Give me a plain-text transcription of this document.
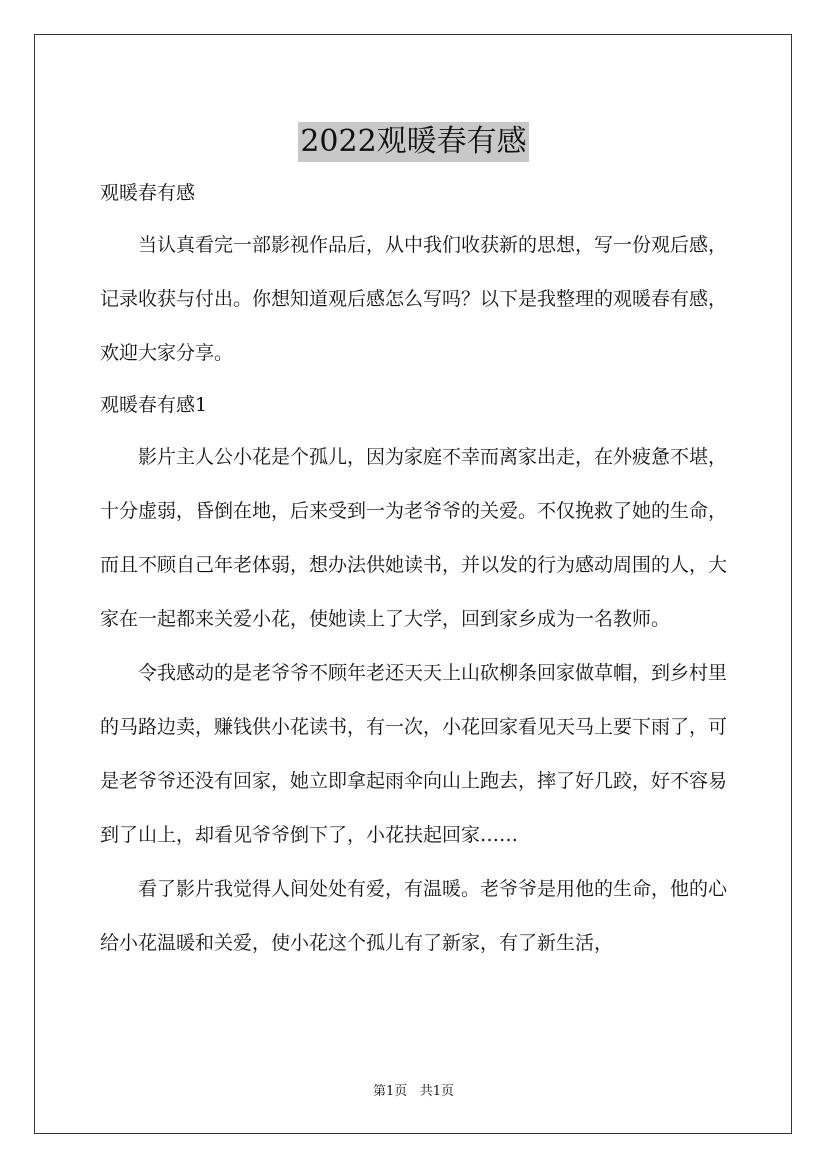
2022观暖春有感

观暖春有感

当认真看完一部影视作品后，从中我们收获新的思想，写一份观后感，记录收获与付出。你想知道观后感怎么写吗？以下是我整理的观暖春有感，欢迎大家分享。

观暖春有感1

影片主人公小花是个孤儿，因为家庭不幸而离家出走，在外疲惫不堪，十分虚弱，昏倒在地，后来受到一为老爷爷的关爱。不仅挽救了她的生命，而且不顾自己年老体弱，想办法供她读书，并以发的行为感动周围的人，大家在一起都来关爱小花，使她读上了大学，回到家乡成为一名教师。

令我感动的是老爷爷不顾年老还天天上山砍柳条回家做草帽，到乡村里的马路边卖，赚钱供小花读书，有一次，小花回家看见天马上要下雨了，可是老爷爷还没有回家，她立即拿起雨伞向山上跑去，摔了好几跤，好不容易到了山上，却看见爷爷倒下了，小花扶起回家……

看了影片我觉得人间处处有爱，有温暖。老爷爷是用他的生命，他的心给小花温暖和关爱，使小花这个孤儿有了新家，有了新生活，

第1页 共1页
